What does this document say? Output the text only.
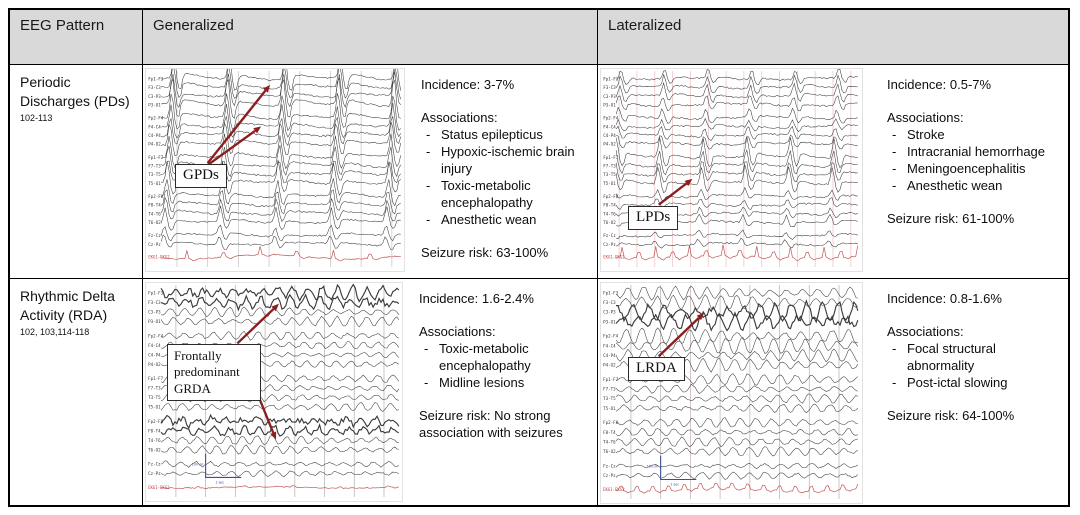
EEG Pattern	Generalized	Lateralized
Periodic Discharges (PDs) $^{102-113}$
Fp1-F3
F3-C3
C3-P3
P3-O1
Fp2-F4
F4-C4
C4-P4
P4-O2
Fp1-F7
F7-T3
T3-T5
T5-O1
Fp2-F8
F8-T4
T4-T6
T6-O2
Fz-Cz
Cz-Pz
EKG1-EKG2
GPDs
Incidence: 3-7%
Associations:
- Status epilepticus
- Hypoxic-ischemic brain injury
- Toxic-metabolic encephalopathy
- Anesthetic wean
Seizure risk: 63-100%
Fp1-F3
F3-C3
C3-P3
P3-O1
Fp2-F4
F4-C4
C4-P4
P4-O2
Fp1-F7
F7-T3
T3-T5
T5-O1
Fp2-F8
F8-T4
T4-T6
T6-O2
Fz-Cz
Cz-Pz
EKG1-EKG2
LPDs
Incidence: 0.5-7%
Associations:
- Stroke
- Intracranial hemorrhage
- Meningoencephalitis
- Anesthetic wean
Seizure risk: 61-100%
Rhythmic Delta Activity (RDA) $^{102, 103,114-118}$
Fp1-F3
F3-C3
C3-P3
P3-O1
Fp2-F4
F4-C4
C4-P4
P4-O2
Fp1-F7
F7-T3
T3-T5
T5-O1
Fp2-F8
F8-T4
T4-T6
T6-O2
Fz-Cz
Cz-Pz
EKG1-EKG2
100 uV
1 sec
Frontally predominant GRDA
Incidence: 1.6-2.4%
Associations:
- Toxic-metabolic encephalopathy
- Midline lesions
Seizure risk: No strong association with seizures
Fp1-F3
F3-C3
C3-P3
P3-O1
Fp2-F4
F4-C4
C4-P4
P4-O2
Fp1-F7
F7-T3
T3-T5
T5-O1
Fp2-F8
F8-T4
T4-T6
T6-O2
Fz-Cz
Cz-Pz
EKG1-EKG2
100 uV
1 sec
LRDA
Incidence: 0.8-1.6%
Associations:
- Focal structural abnormality
- Post-ictal slowing
Seizure risk: 64-100%
